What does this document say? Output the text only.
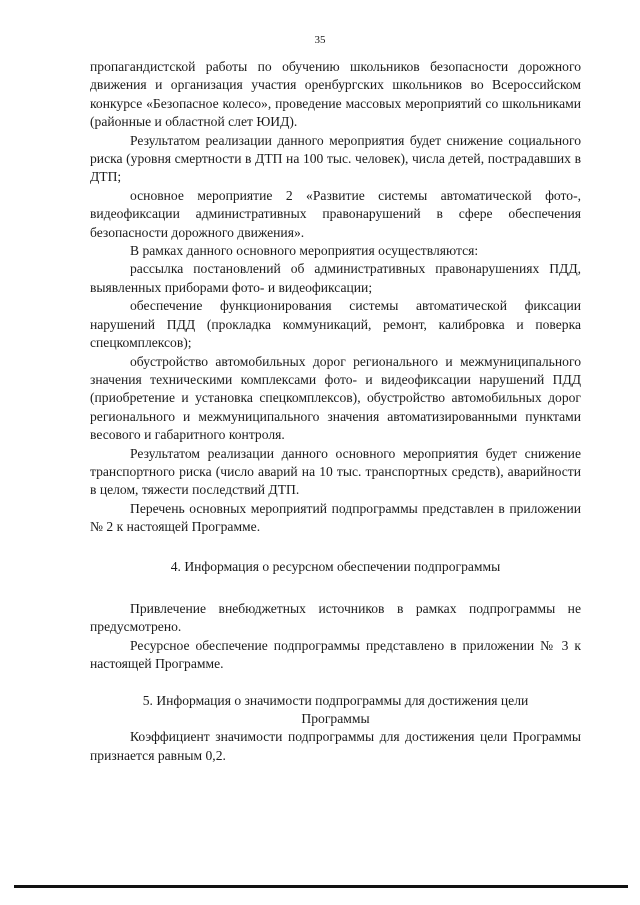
35

пропагандистской работы по обучению школьников безопасности дорожного движения и организация участия оренбургских школьников во Всероссийском конкурсе «Безопасное колесо», проведение массовых мероприятий со школьниками (районные и областной слет ЮИД).

Результатом реализации данного мероприятия будет снижение социального риска (уровня смертности в ДТП на 100 тыс. человек), числа детей, пострадавших в ДТП;

основное мероприятие 2 «Развитие системы автоматической фото-, видеофиксации административных правонарушений в сфере обеспечения безопасности дорожного движения».

В рамках данного основного мероприятия осуществляются:

рассылка постановлений об административных правонарушениях ПДД, выявленных приборами фото- и видеофиксации;

обеспечение функционирования системы автоматической фиксации нарушений ПДД (прокладка коммуникаций, ремонт, калибровка и поверка спецкомплексов);

обустройство автомобильных дорог регионального и межмуниципального значения техническими комплексами фото- и видеофиксации нарушений ПДД (приобретение и установка спецкомплексов), обустройство автомобильных дорог регионального и межмуниципального значения автоматизированными пунктами весового и габаритного контроля.

Результатом реализации данного основного мероприятия будет снижение транспортного риска (число аварий на 10 тыс. транспортных средств), аварийности в целом, тяжести последствий ДТП.

Перечень основных мероприятий подпрограммы представлен в приложении № 2 к настоящей Программе.

4. Информация о ресурсном обеспечении подпрограммы

Привлечение внебюджетных источников в рамках подпрограммы не предусмотрено.

Ресурсное обеспечение подпрограммы представлено в приложении № 3 к настоящей Программе.

5. Информация о значимости подпрограммы для достижения цели
Программы

Коэффициент значимости подпрограммы для достижения цели Программы признается равным 0,2.
